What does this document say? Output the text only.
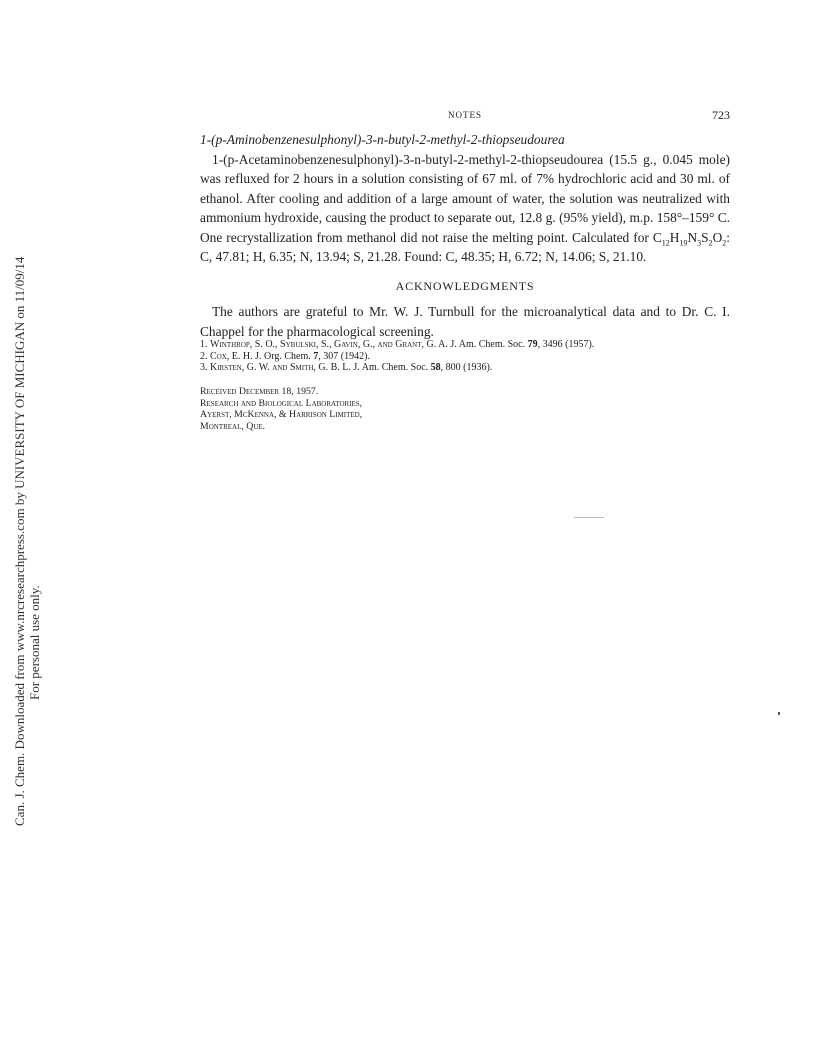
Can. J. Chem. Downloaded from www.nrcresearchpress.com by UNIVERSITY OF MICHIGAN on 11/09/14 For personal use only.
NOTES	723

1-(p-Aminobenzenesulphonyl)-3-n-butyl-2-methyl-2-thiopseudourea

1-(p-Acetaminobenzenesulphonyl)-3-n-butyl-2-methyl-2-thiopseudourea (15.5 g., 0.045 mole) was refluxed for 2 hours in a solution consisting of 67 ml. of 7% hydrochloric acid and 30 ml. of ethanol. After cooling and addition of a large amount of water, the solution was neutralized with ammonium hydroxide, causing the product to separate out, 12.8 g. (95% yield), m.p. 158°–159° C. One recrystallization from methanol did not raise the melting point. Calculated for $C_{12}H_{19}N_3S_2O_2$: C, 47.81; H, 6.35; N, 13.94; S, 21.28. Found: C, 48.35; H, 6.72; N, 14.06; S, 21.10.

ACKNOWLEDGMENTS

The authors are grateful to Mr. W. J. Turnbull for the microanalytical data and to Dr. C. I. Chappel for the pharmacological screening.

1. Winthrop, S. O., Sybulski, S., Gavin, G., and Grant, G. A. J. Am. Chem. Soc. 79, 3496 (1957).
2. Cox, E. H. J. Org. Chem. 7, 307 (1942).
3. Kirsten, G. W. and Smith, G. B. L. J. Am. Chem. Soc. 58, 800 (1936).
Received December 18, 1957.
Research and Biological Laboratories,
Ayerst, McKenna, & Harrison Limited,
Montreal, Que.
